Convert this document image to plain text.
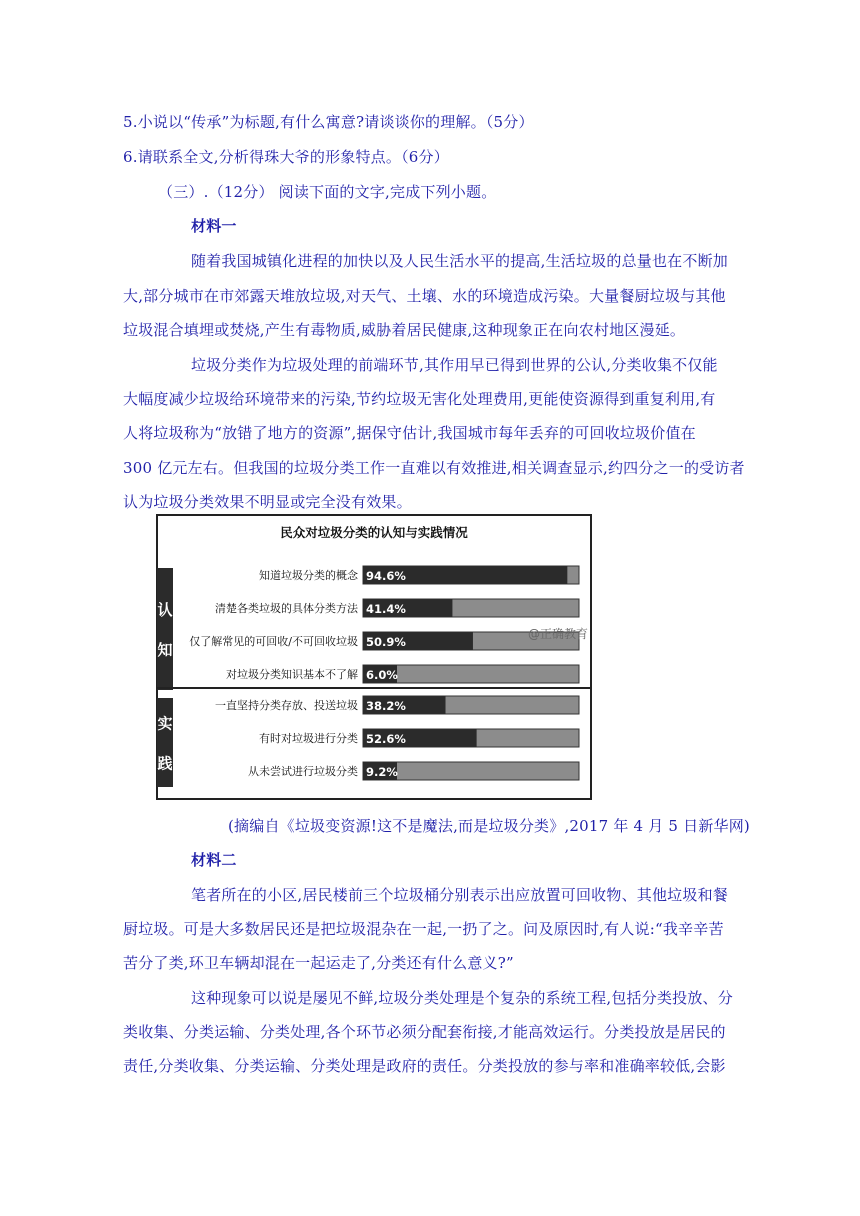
5.小说以“传承”为标题,有什么寓意?请谈谈你的理解。（5分）
6.请联系全文,分析得珠大爷的形象特点。（6分）
（三）.（12分） 阅读下面的文字,完成下列小题。
材料一
随着我国城镇化进程的加快以及人民生活水平的提高,生活垃圾的总量也在不断加
大,部分城市在市郊露天堆放垃圾,对天气、土壤、水的环境造成污染。大量餐厨垃圾与其他
垃圾混合填埋或焚烧,产生有毒物质,威胁着居民健康,这种现象正在向农村地区漫延。
垃圾分类作为垃圾处理的前端环节,其作用早已得到世界的公认,分类收集不仅能
大幅度减少垃圾给环境带来的污染,节约垃圾无害化处理费用,更能使资源得到重复利用,有
人将垃圾称为“放错了地方的资源”,据保守估计,我国城市每年丢弃的可回收垃圾价值在
300 亿元左右。但我国的垃圾分类工作一直难以有效推进,相关调查显示,约四分之一的受访者
认为垃圾分类效果不明显或完全没有效果。
民众对垃圾分类的认知与实践情况
认
知
知道垃圾分类的概念 94.6%
清楚各类垃圾的具体分类方法 41.4%
仅了解常见的可回收/不可回收垃圾 50.9%
对垃圾分类知识基本不了解 6.0%
实
践
一直坚持分类存放、投送垃圾 38.2%
有时对垃圾进行分类 52.6%
从未尝试进行垃圾分类 9.2%
@正确教育
(摘编自《垃圾变资源!这不是魔法,而是垃圾分类》,2017 年 4 月 5 日新华网)
材料二
笔者所在的小区,居民楼前三个垃圾桶分别表示出应放置可回收物、其他垃圾和餐
厨垃圾。可是大多数居民还是把垃圾混杂在一起,一扔了之。问及原因时,有人说:“我辛辛苦
苦分了类,环卫车辆却混在一起运走了,分类还有什么意义?”
这种现象可以说是屡见不鲜,垃圾分类处理是个复杂的系统工程,包括分类投放、分
类收集、分类运输、分类处理,各个环节必须分配套衔接,才能高效运行。分类投放是居民的
责任,分类收集、分类运输、分类处理是政府的责任。分类投放的参与率和准确率较低,会影
